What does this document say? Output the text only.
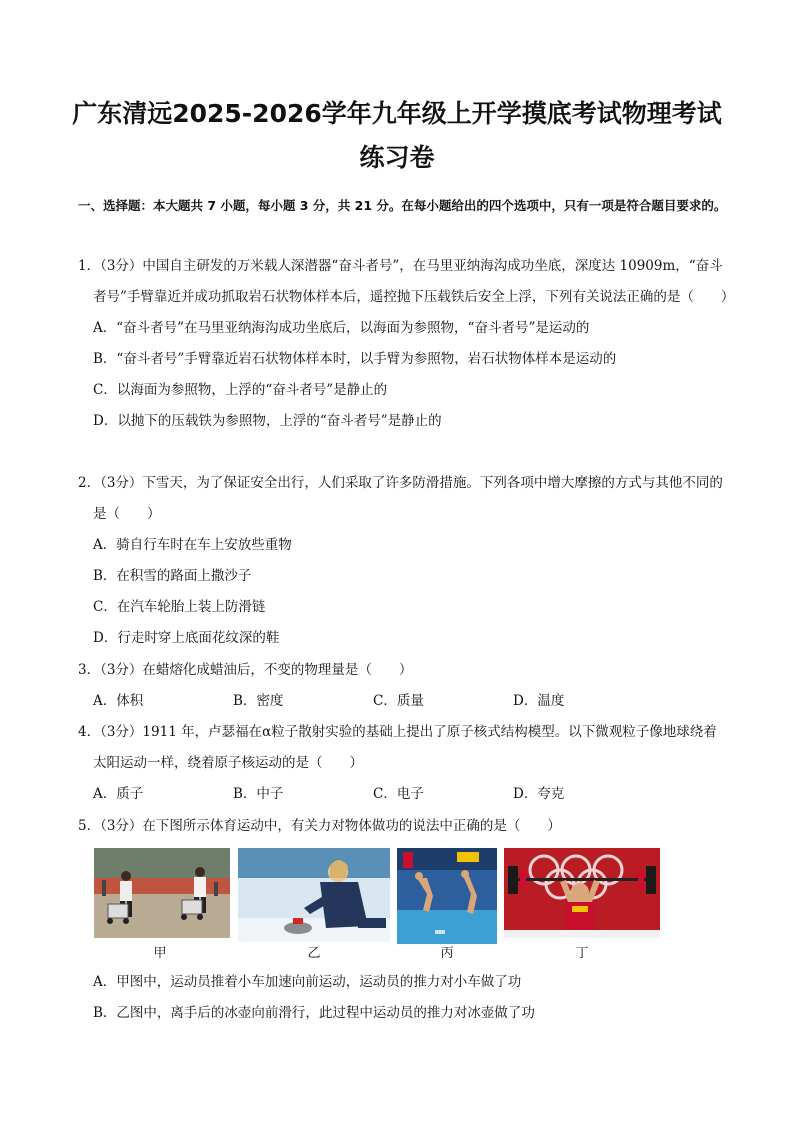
广东清远2025-2026学年九年级上开学摸底考试物理考试练习卷

一、选择题：本大题共 7 小题，每小题 3 分，共 21 分。在每小题给出的四个选项中，只有一项是符合题目要求的。

1．（3分）中国自主研发的万米载人深潜器“奋斗者号”，在马里亚纳海沟成功坐底，深度达 10909m，“奋斗者号”手臂靠近并成功抓取岩石状物体样本后，遥控抛下压载铁后安全上浮，下列有关说法正确的是（　　）

A．“奋斗者号”在马里亚纳海沟成功坐底后，以海面为参照物，“奋斗者号”是运动的

B．“奋斗者号”手臂靠近岩石状物体样本时，以手臂为参照物，岩石状物体样本是运动的

C．以海面为参照物，上浮的“奋斗者号”是静止的

D．以抛下的压载铁为参照物，上浮的“奋斗者号”是静止的

2．（3分）下雪天，为了保证安全出行，人们采取了许多防滑措施。下列各项中增大摩擦的方式与其他不同的是（　　）

A．骑自行车时在车上安放些重物

B．在积雪的路面上撒沙子

C．在汽车轮胎上装上防滑链

D．行走时穿上底面花纹深的鞋

3．（3分）在蜡熔化成蜡油后，不变的物理量是（　　）

A．体积	B．密度	C．质量	D．温度

4．（3分）1911 年，卢瑟福在α粒子散射实验的基础上提出了原子核式结构模型。以下微观粒子像地球绕着太阳运动一样，绕着原子核运动的是（　　）

A．质子	B．中子	C．电子	D．夸克

5．（3分）在下图所示体育运动中，有关力对物体做功的说法中正确的是（　　）

甲	乙	丙	丁

A．甲图中，运动员推着小车加速向前运动，运动员的推力对小车做了功

B．乙图中，离手后的冰壶向前滑行，此过程中运动员的推力对冰壶做了功
